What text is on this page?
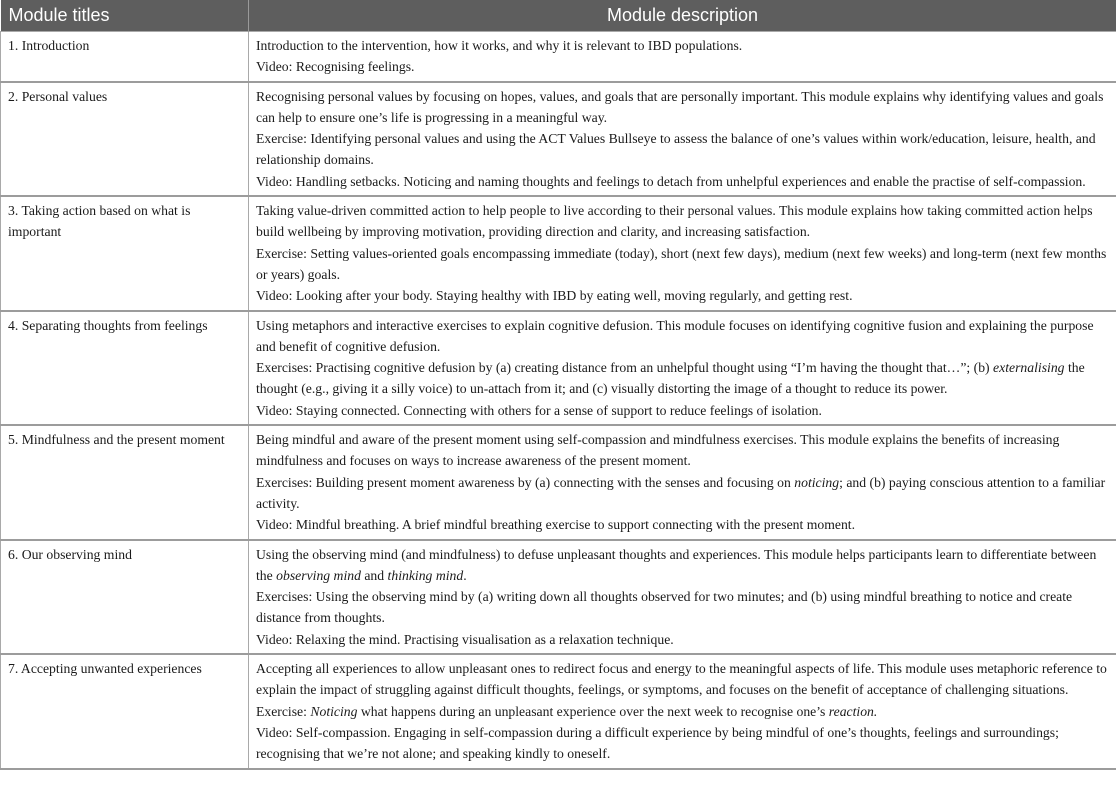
Module titles	Module description
1. Introduction	Introduction to the intervention, how it works, and why it is relevant to IBD populations.
Video: Recognising feelings.

2. Personal values	Recognising personal values by focusing on hopes, values, and goals that are personally important. This module explains why identifying values and goals can help to ensure one’s life is progressing in a meaningful way.
Exercise: Identifying personal values and using the ACT Values Bullseye to assess the balance of one’s values within work/education, leisure, health, and relationship domains.
Video: Handling setbacks. Noticing and naming thoughts and feelings to detach from unhelpful experiences and enable the practise of self-compassion.

3. Taking action based on what is important	Taking value-driven committed action to help people to live according to their personal values. This module explains how taking committed action helps build wellbeing by improving motivation, providing direction and clarity, and increasing satisfaction.
Exercise: Setting values-oriented goals encompassing immediate (today), short (next few days), medium (next few weeks) and long-term (next few months or years) goals.
Video: Looking after your body. Staying healthy with IBD by eating well, moving regularly, and getting rest.

4. Separating thoughts from feelings	Using metaphors and interactive exercises to explain cognitive defusion. This module focuses on identifying cognitive fusion and explaining the purpose and benefit of cognitive defusion.
Exercises: Practising cognitive defusion by (a) creating distance from an unhelpful thought using “I’m having the thought that…”; (b) externalising the thought (e.g., giving it a silly voice) to un-attach from it; and (c) visually distorting the image of a thought to reduce its power.
Video: Staying connected. Connecting with others for a sense of support to reduce feelings of isolation.

5. Mindfulness and the present moment	Being mindful and aware of the present moment using self-compassion and mindfulness exercises. This module explains the benefits of increasing mindfulness and focuses on ways to increase awareness of the present moment.
Exercises: Building present moment awareness by (a) connecting with the senses and focusing on noticing; and (b) paying conscious attention to a familiar activity.
Video: Mindful breathing. A brief mindful breathing exercise to support connecting with the present moment.

6. Our observing mind	Using the observing mind (and mindfulness) to defuse unpleasant thoughts and experiences. This module helps participants learn to differentiate between the observing mind and thinking mind.
Exercises: Using the observing mind by (a) writing down all thoughts observed for two minutes; and (b) using mindful breathing to notice and create distance from thoughts.
Video: Relaxing the mind. Practising visualisation as a relaxation technique.

7. Accepting unwanted experiences	Accepting all experiences to allow unpleasant ones to redirect focus and energy to the meaningful aspects of life. This module uses metaphoric reference to explain the impact of struggling against difficult thoughts, feelings, or symptoms, and focuses on the benefit of acceptance of challenging situations.
Exercise: Noticing what happens during an unpleasant experience over the next week to recognise one’s reaction.
Video: Self-compassion. Engaging in self-compassion during a difficult experience by being mindful of one’s thoughts, feelings and surroundings; recognising that we’re not alone; and speaking kindly to oneself.
